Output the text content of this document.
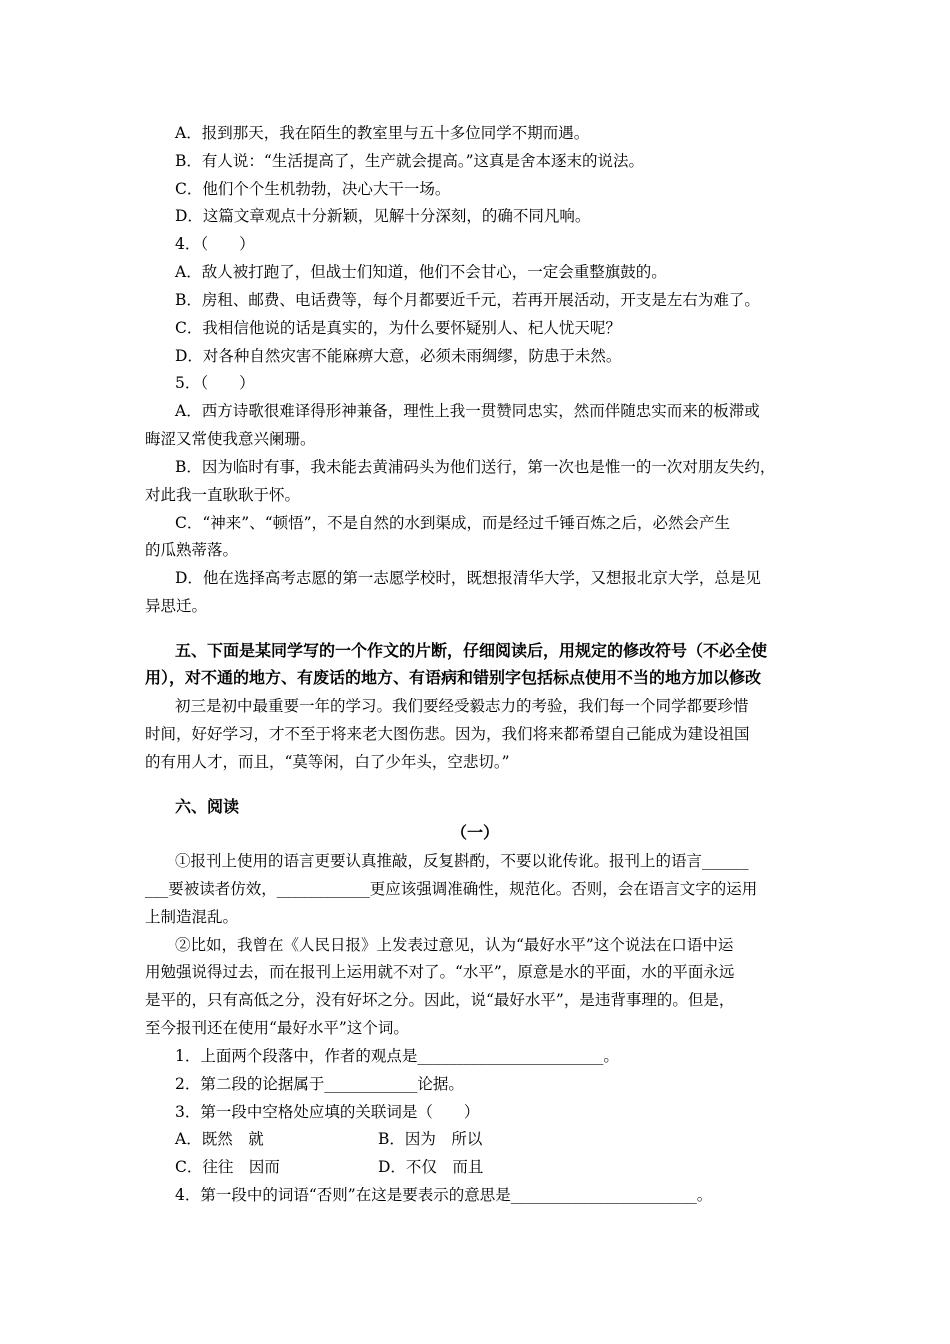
A．报到那天，我在陌生的教室里与五十多位同学不期而遇。
B．有人说：“生活提高了，生产就会提高。”这真是舍本逐末的说法。
C．他们个个生机勃勃，决心大干一场。
D．这篇文章观点十分新颖，见解十分深刻，的确不同凡响。
4．（　　）
A．敌人被打跑了，但战士们知道，他们不会甘心，一定会重整旗鼓的。
B．房租、邮费、电话费等，每个月都要近千元，若再开展活动，开支是左右为难了。
C．我相信他说的话是真实的，为什么要怀疑别人、杞人忧天呢？
D．对各种自然灾害不能麻痹大意，必须未雨绸缪，防患于未然。
5．（　　）
A．西方诗歌很难译得形神兼备，理性上我一贯赞同忠实，然而伴随忠实而来的板滞或
晦涩又常使我意兴阑珊。
B．因为临时有事，我未能去黄浦码头为他们送行，第一次也是惟一的一次对朋友失约，
对此我一直耿耿于怀。
C．“神来”、“顿悟”，不是自然的水到渠成，而是经过千锤百炼之后，必然会产生
的瓜熟蒂落。
D．他在选择高考志愿的第一志愿学校时，既想报清华大学，又想报北京大学，总是见
异思迁。
五、下面是某同学写的一个作文的片断，仔细阅读后，用规定的修改符号（不必全使
用），对不通的地方、有废话的地方、有语病和错别字包括标点使用不当的地方加以修改
初三是初中最重要一年的学习。我们要经受毅志力的考验，我们每一个同学都要珍惜
时间，好好学习，才不至于将来老大图伤悲。因为，我们将来都希望自己能成为建设祖国
的有用人才，而且，“莫等闲，白了少年头，空悲切。”
六、阅读
（一）
①报刊上使用的语言更要认真推敲，反复斟酌，不要以讹传讹。报刊上的语言______
___要被读者仿效，____________更应该强调准确性，规范化。否则，会在语言文字的运用
上制造混乱。
②比如，我曾在《人民日报》上发表过意见，认为“最好水平”这个说法在口语中运
用勉强说得过去，而在报刊上运用就不对了。“水平”，原意是水的平面，水的平面永远
是平的，只有高低之分，没有好坏之分。因此，说“最好水平”，是违背事理的。但是，
至今报刊还在使用“最好水平”这个词。
1．上面两个段落中，作者的观点是________________________。
2．第二段的论据属于____________论据。
3．第一段中空格处应填的关联词是（　　）
A．既然　就	B．因为　所以
C．往往　因而	D．不仅　而且
4．第一段中的词语“否则”在这是要表示的意思是________________________。
